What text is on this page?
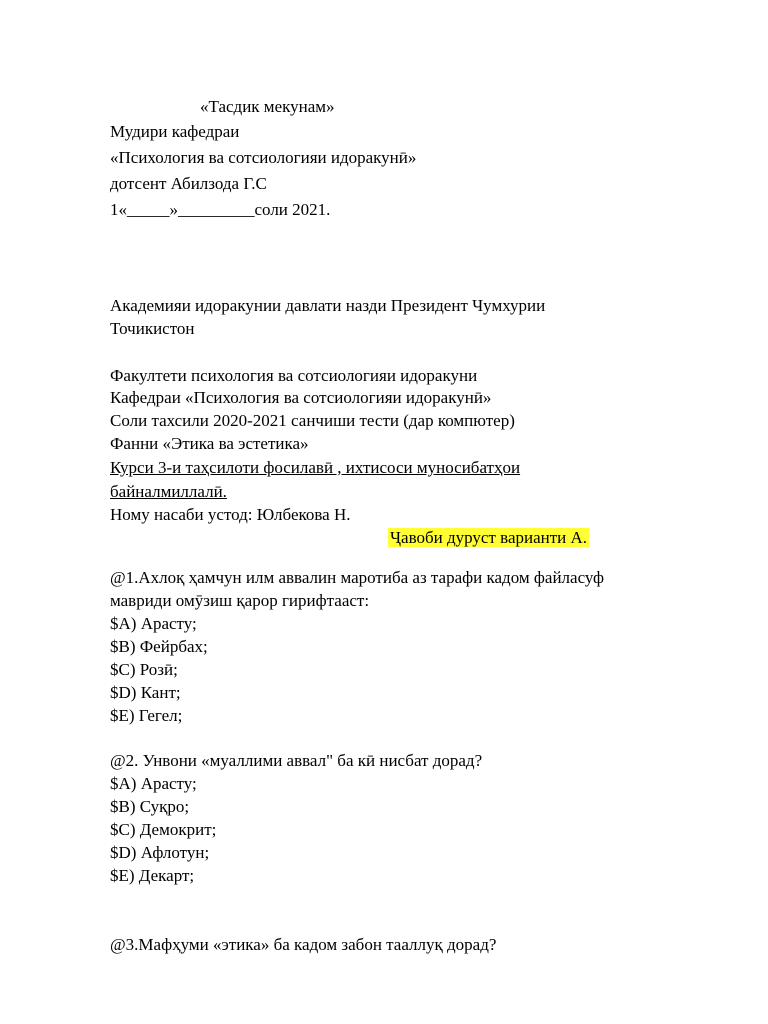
«Тасдик мекунам»
Мудири кафедраи
«Психология ва сотсиологияи идоракунӣ»
дотсент Абилзода Г.С
1«_____»_________соли 2021.
Академияи идоракунии давлати назди Президент Чумхурии
Точикистон
Факултети психология ва сотсиологияи идоракуни
Кафедраи «Психология ва сотсиологияи идоракунӣ»
Соли тахсили 2020-2021 санчиши тести (дар компютер)
Фанни «Этика ва эстетика»
Курси 3-и таҳсилоти фосилавӣ , ихтисоси муносибатҳои
байналмиллалӣ.
Ному насаби устод: Юлбекова Н.
Ҷавоби дуруст варианти А.
@1.Ахлоқ ҳамчун илм аввалин маротиба аз тарафи кадом файласуф
мавриди омӯзиш қарор гирифтааст:
$A) Арасту;
$B) Фейрбах;
$C) Розӣ;
$D) Кант;
$E) Гегел;
@2. Унвони «муаллими аввал" ба кӣ нисбат дорад?
$A) Арасту;
$B) Суқро;
$C) Демокрит;
$D) Афлотун;
$E) Декарт;
@3.Мафҳуми «этика» ба кадом забон тааллуқ дорад?
